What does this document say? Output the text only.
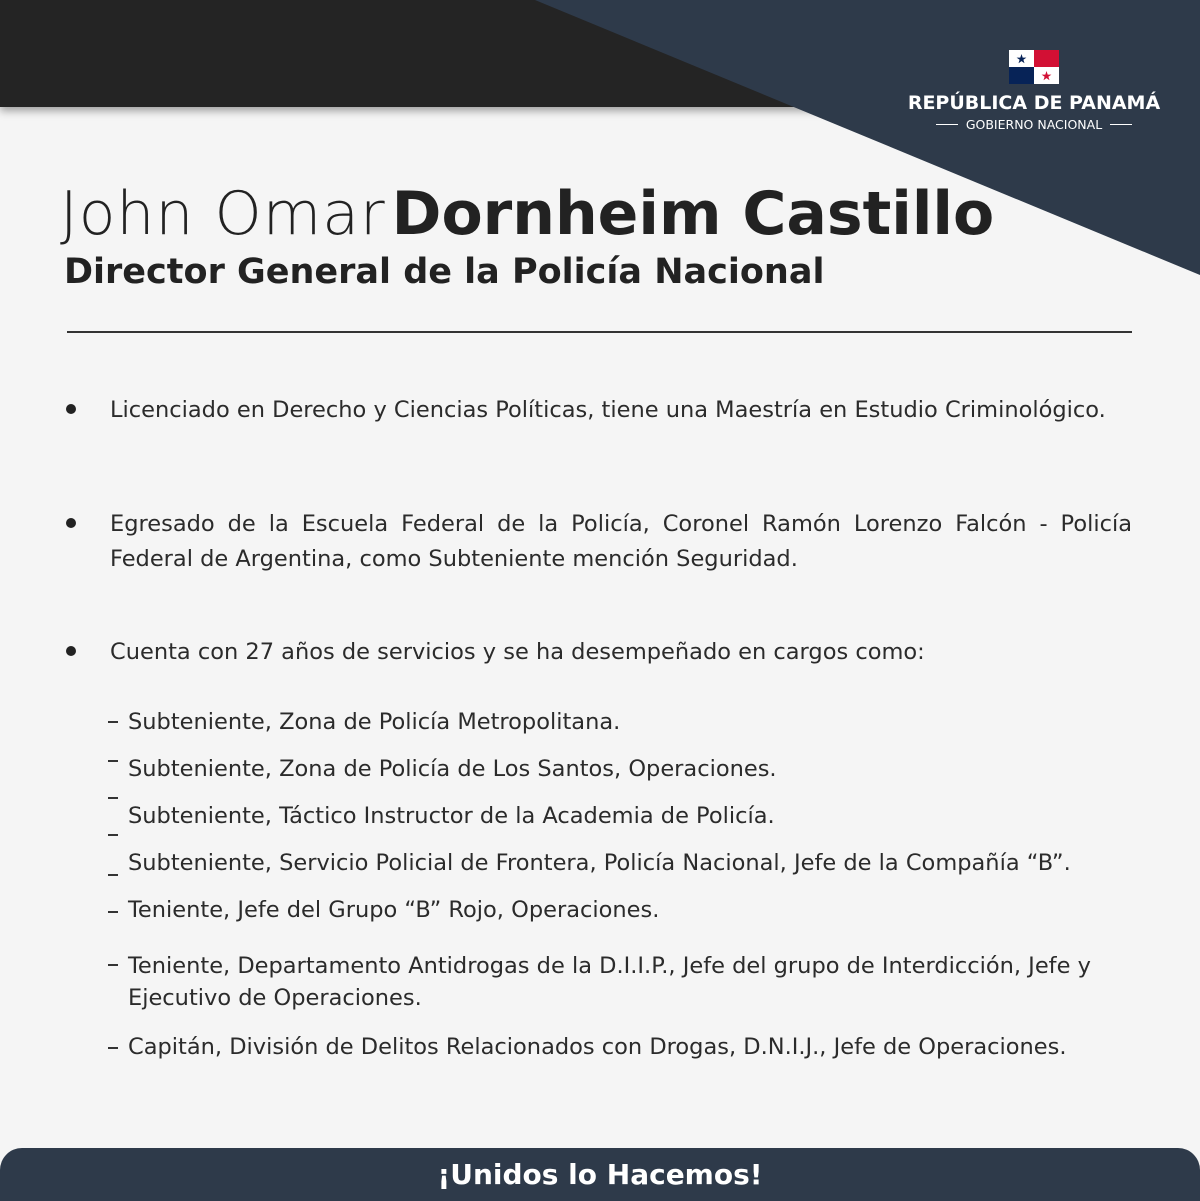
REPÚBLICA DE PANAMÁ
GOBIERNO NACIONAL
John Omar Dornheim Castillo
Director General de la Policía Nacional
Licenciado en Derecho y Ciencias Políticas, tiene una Maestría en Estudio Criminológico.
Egresado de la Escuela Federal de la Policía, Coronel Ramón Lorenzo Falcón - Policía Federal de Argentina, como Subteniente mención Seguridad.
Cuenta con 27 años de servicios y se ha desempeñado en cargos como:
Subteniente, Zona de Policía Metropolitana.
Subteniente, Zona de Policía de Los Santos, Operaciones.
Subteniente, Táctico Instructor de la Academia de Policía.
Subteniente, Servicio Policial de Frontera, Policía Nacional, Jefe de la Compañía “B”.
Teniente, Jefe del Grupo “B” Rojo, Operaciones.
Teniente, Departamento Antidrogas de la D.I.I.P., Jefe del grupo de Interdicción, Jefe y Ejecutivo de Operaciones.
Capitán, División de Delitos Relacionados con Drogas, D.N.I.J., Jefe de Operaciones.
¡Unidos lo Hacemos!
